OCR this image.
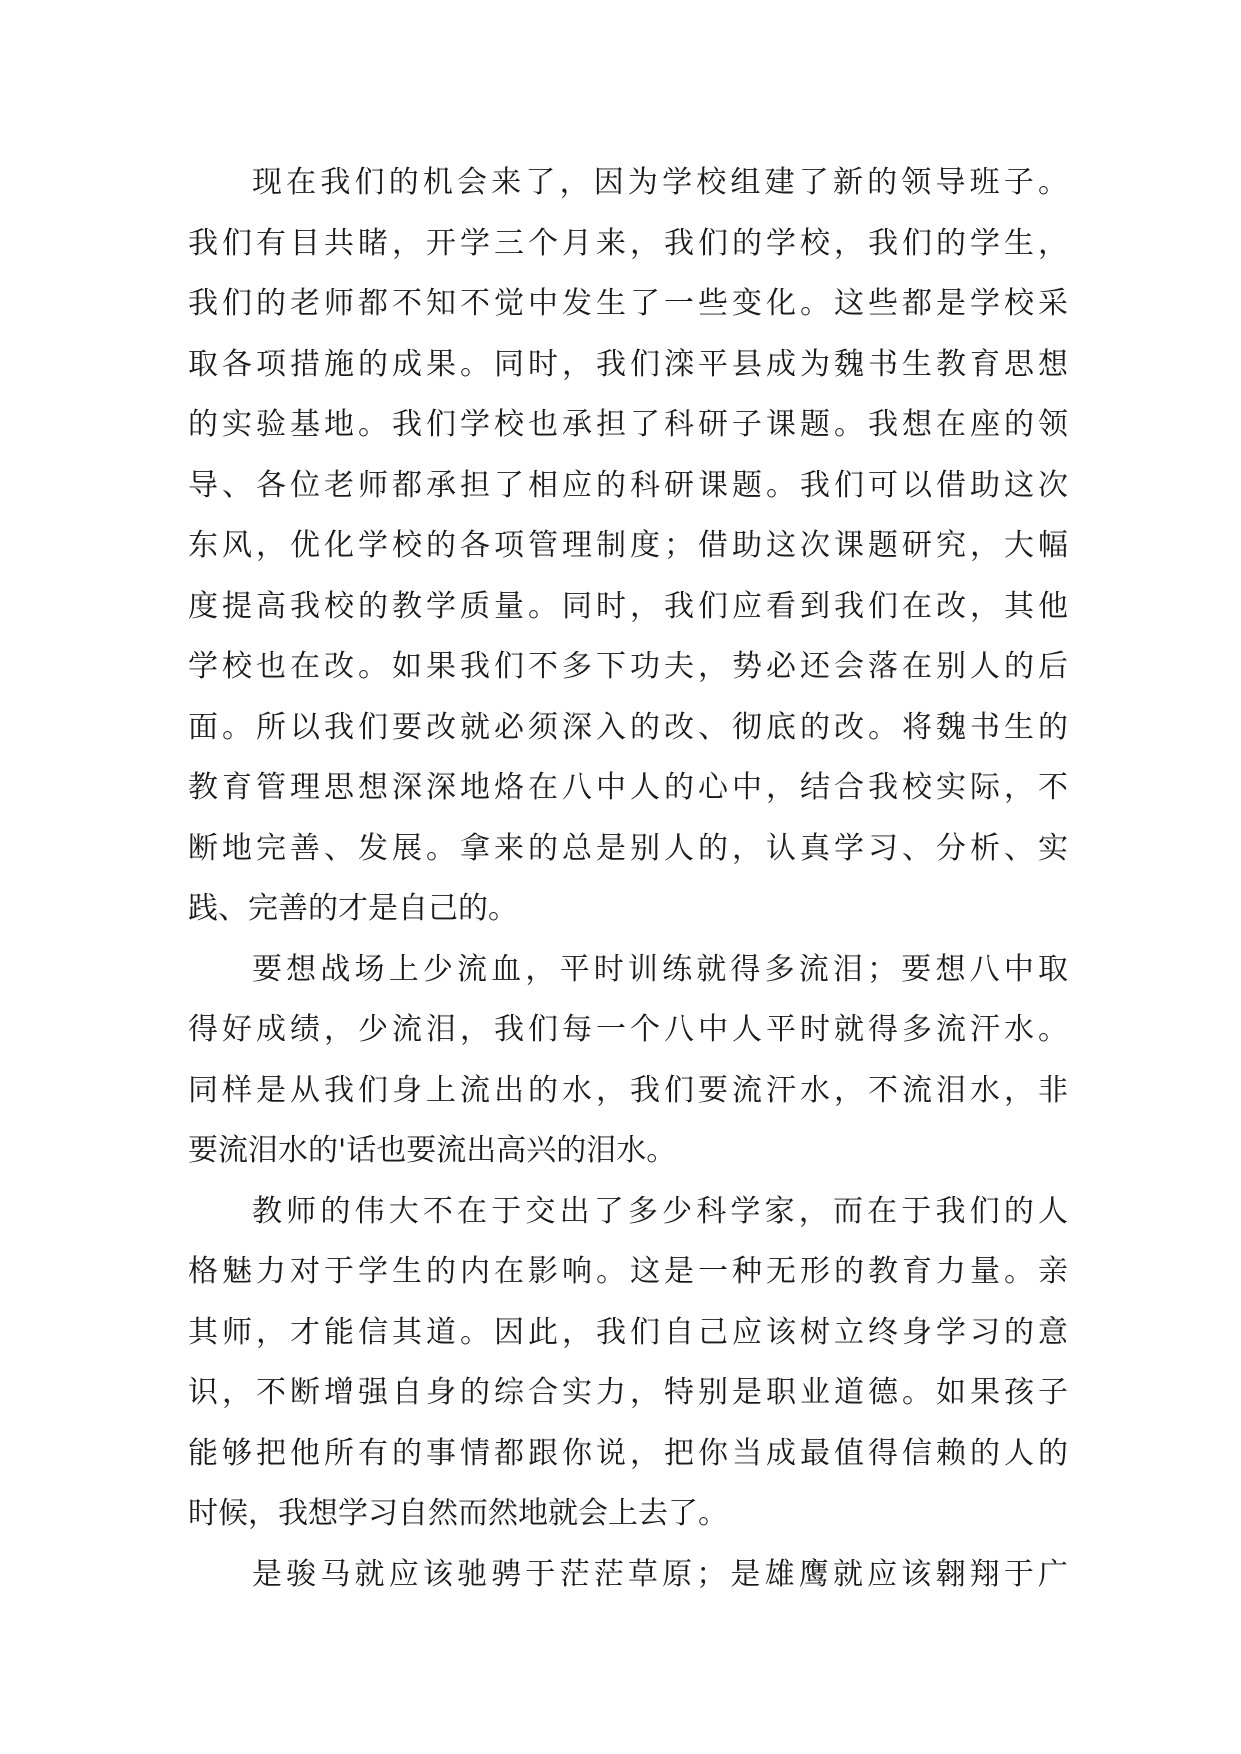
现在我们的机会来了，因为学校组建了新的领导班子。
我们有目共睹，开学三个月来，我们的学校，我们的学生，
我们的老师都不知不觉中发生了一些变化。这些都是学校采
取各项措施的成果。同时，我们滦平县成为魏书生教育思想
的实验基地。我们学校也承担了科研子课题。我想在座的领
导、各位老师都承担了相应的科研课题。我们可以借助这次
东风，优化学校的各项管理制度；借助这次课题研究，大幅
度提高我校的教学质量。同时，我们应看到我们在改，其他
学校也在改。如果我们不多下功夫，势必还会落在别人的后
面。所以我们要改就必须深入的改、彻底的改。将魏书生的
教育管理思想深深地烙在八中人的心中，结合我校实际，不
断地完善、发展。拿来的总是别人的，认真学习、分析、实
践、完善的才是自己的。
要想战场上少流血，平时训练就得多流泪；要想八中取
得好成绩，少流泪，我们每一个八中人平时就得多流汗水。
同样是从我们身上流出的水，我们要流汗水，不流泪水，非
要流泪水的'话也要流出高兴的泪水。
教师的伟大不在于交出了多少科学家，而在于我们的人
格魅力对于学生的内在影响。这是一种无形的教育力量。亲
其师，才能信其道。因此，我们自己应该树立终身学习的意
识，不断增强自身的综合实力，特别是职业道德。如果孩子
能够把他所有的事情都跟你说，把你当成最值得信赖的人的
时候，我想学习自然而然地就会上去了。
是骏马就应该驰骋于茫茫草原；是雄鹰就应该翱翔于广
